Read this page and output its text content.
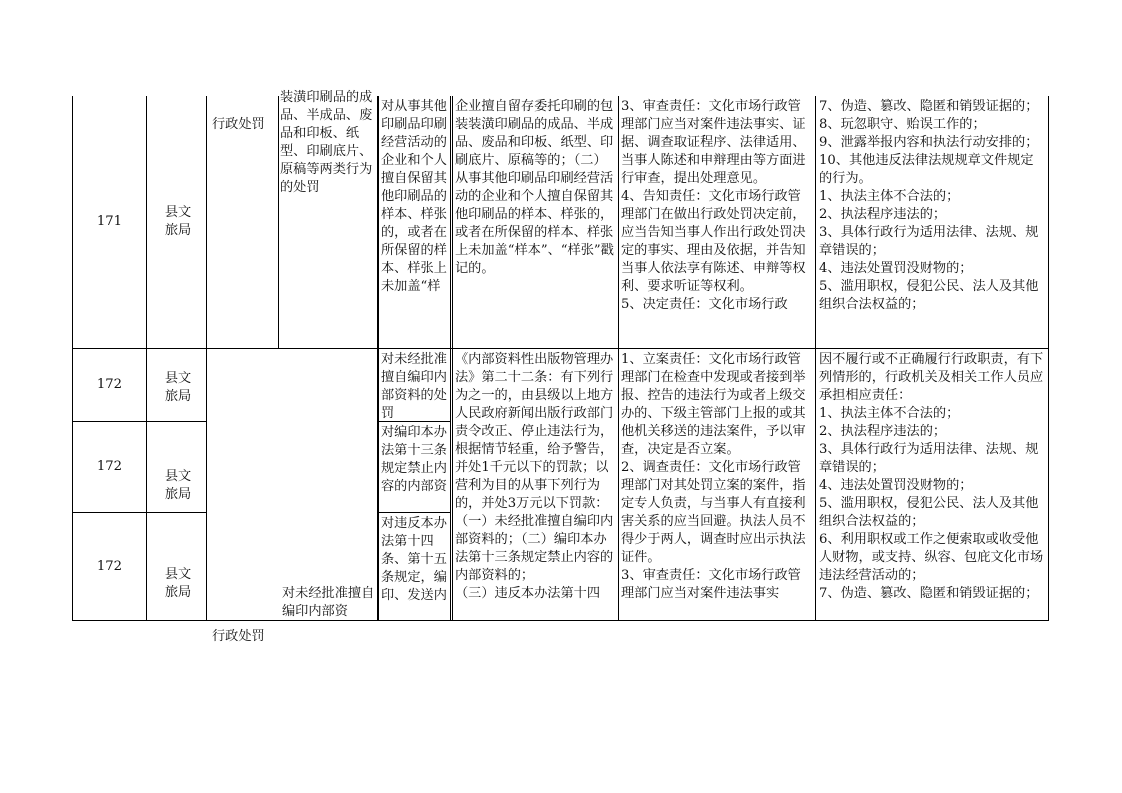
171
县文旅局

行政处罚

装潢印刷品的成品、半成品、废品和印板、纸型、印刷底片、原稿等两类行为的处罚
对从事其他印刷品印刷经营活动的企业和个人擅自保留其他印刷品的样本、样张的，或者在所保留的样本、样张上未加盖“样
企业擅自留存委托印刷的包装装潢印刷品的成品、半成品、废品和印板、纸型、印刷底片、原稿等的；（二）从事其他印刷品印刷经营活动的企业和个人擅自保留其他印刷品的样本、样张的，或者在所保留的样本、样张上未加盖“样本”、“样张”戳记的。
3、审查责任：文化市场行政管理部门应当对案件违法事实、证据、调查取证程序、法律适用、当事人陈述和申辩理由等方面进行审查，提出处理意见。
4、告知责任：文化市场行政管理部门在做出行政处罚决定前，应当告知当事人作出行政处罚决定的事实、理由及依据，并告知当事人依法享有陈述、申辩等权利、要求听证等权利。
5、决定责任：文化市场行政
7、伪造、篡改、隐匿和销毁证据的；
8、玩忽职守、贻误工作的；
9、泄露举报内容和执法行动安排的；
10、其他违反法律法规规章文件规定的行为。
1、执法主体不合法的；
2、执法程序违法的；
3、具体行政行为适用法律、法规、规章错误的；
4、违法处置罚没财物的；
5、滥用职权，侵犯公民、法人及其他组织合法权益的；
172	县文旅局

对未经批准擅自编印内部资料的处罚
172

县文旅局

对编印本办法第十三条规定禁止内容的内部资
172

县文旅局

对违反本办法第十四条、第十五条规定，编印、发送内

行政处罚

对未经批准擅自编印内部资
《内部资料性出版物管理办法》第二十二条：有下列行为之一的，由县级以上地方人民政府新闻出版行政部门责令改正、停止违法行为，根据情节轻重，给予警告，并处1千元以下的罚款；以营利为目的从事下列行为的，并处3万元以下罚款：
（一）未经批准擅自编印内部资料的；（二）编印本办法第十三条规定禁止内容的内部资料的；
（三）违反本办法第十四
1、立案责任：文化市场行政管理部门在检查中发现或者接到举报、控告的违法行为或者上级交办的、下级主管部门上报的或其他机关移送的违法案件，予以审查，决定是否立案。
2、调查责任：文化市场行政管理部门对其处罚立案的案件，指定专人负责，与当事人有直接利害关系的应当回避。执法人员不得少于两人，调查时应出示执法证件。
3、审查责任：文化市场行政管理部门应当对案件违法事实
因不履行或不正确履行行政职责，有下列情形的，行政机关及相关工作人员应承担相应责任：
1、执法主体不合法的；
2、执法程序违法的；
3、具体行政行为适用法律、法规、规章错误的；
4、违法处置罚没财物的；
5、滥用职权，侵犯公民、法人及其他组织合法权益的；
6、利用职权或工作之便索取或收受他人财物，或支持、纵容、包庇文化市场违法经营活动的；
7、伪造、篡改、隐匿和销毁证据的；
